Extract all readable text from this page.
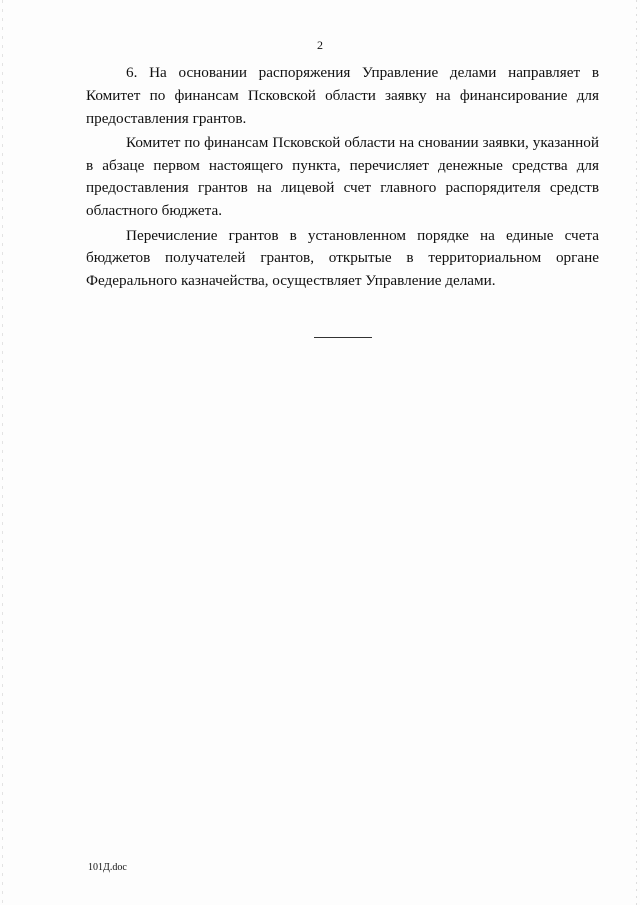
2

6. На основании распоряжения Управление делами направляет в Комитет по финансам Псковской области заявку на финансирование для предоставления грантов.

Комитет по финансам Псковской области на сновании заявки, указанной в абзаце первом настоящего пункта, перечисляет денежные средства для предоставления грантов на лицевой счет главного распорядителя средств областного бюджета.

Перечисление грантов в установленном порядке на единые счета бюджетов получателей грантов, открытые в территориальном органе Федерального казначейства, осуществляет Управление делами.

101Д.doc
